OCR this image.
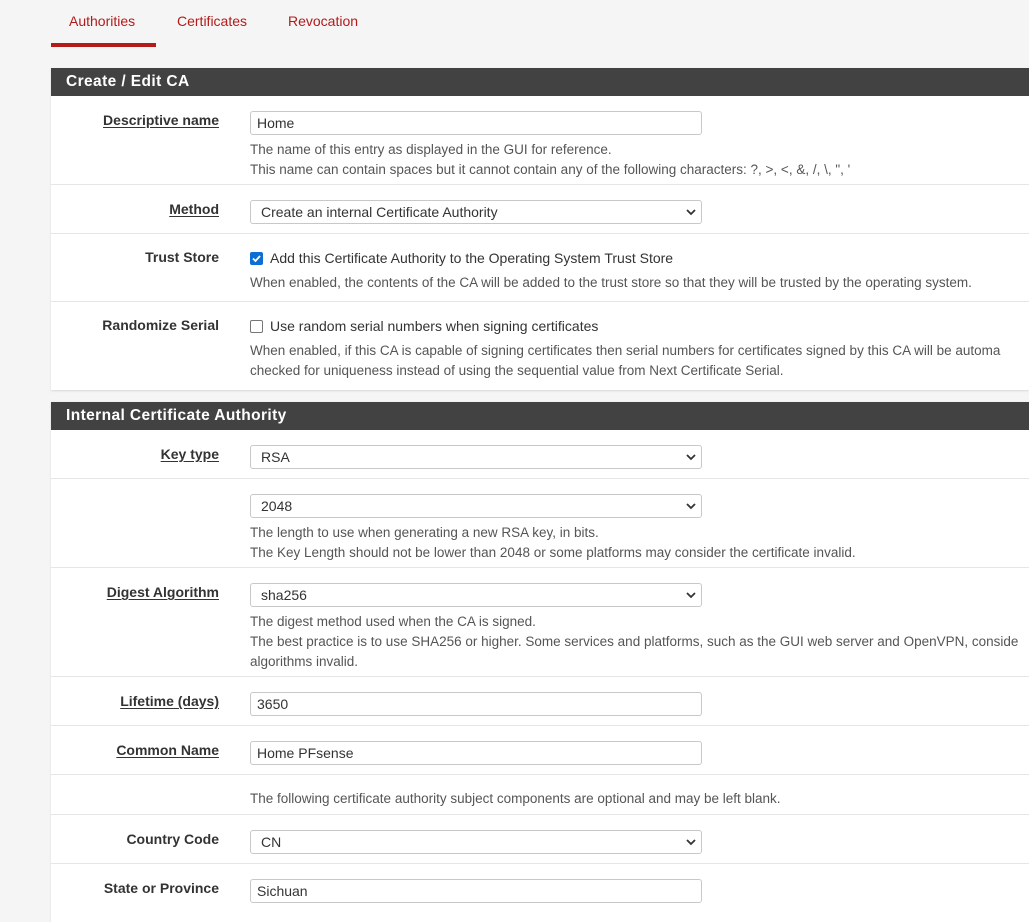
Authorities	Certificates	Revocation
Create / Edit CA
Descriptive name	Home
The name of this entry as displayed in the GUI for reference.
This name can contain spaces but it cannot contain any of the following characters: ?, >, <, &, /, \, ", '
Method	Create an internal Certificate Authority
Trust Store	Add this Certificate Authority to the Operating System Trust Store
When enabled, the contents of the CA will be added to the trust store so that they will be trusted by the operating system.
Randomize Serial	Use random serial numbers when signing certificates
When enabled, if this CA is capable of signing certificates then serial numbers for certificates signed by this CA will be automa
checked for uniqueness instead of using the sequential value from Next Certificate Serial.
Internal Certificate Authority
Key type	RSA
2048
The length to use when generating a new RSA key, in bits.
The Key Length should not be lower than 2048 or some platforms may consider the certificate invalid.
Digest Algorithm	sha256
The digest method used when the CA is signed.
The best practice is to use SHA256 or higher. Some services and platforms, such as the GUI web server and OpenVPN, conside
algorithms invalid.
Lifetime (days)	3650
Common Name	Home PFsense
The following certificate authority subject components are optional and may be left blank.
Country Code	CN
State or Province	Sichuan
